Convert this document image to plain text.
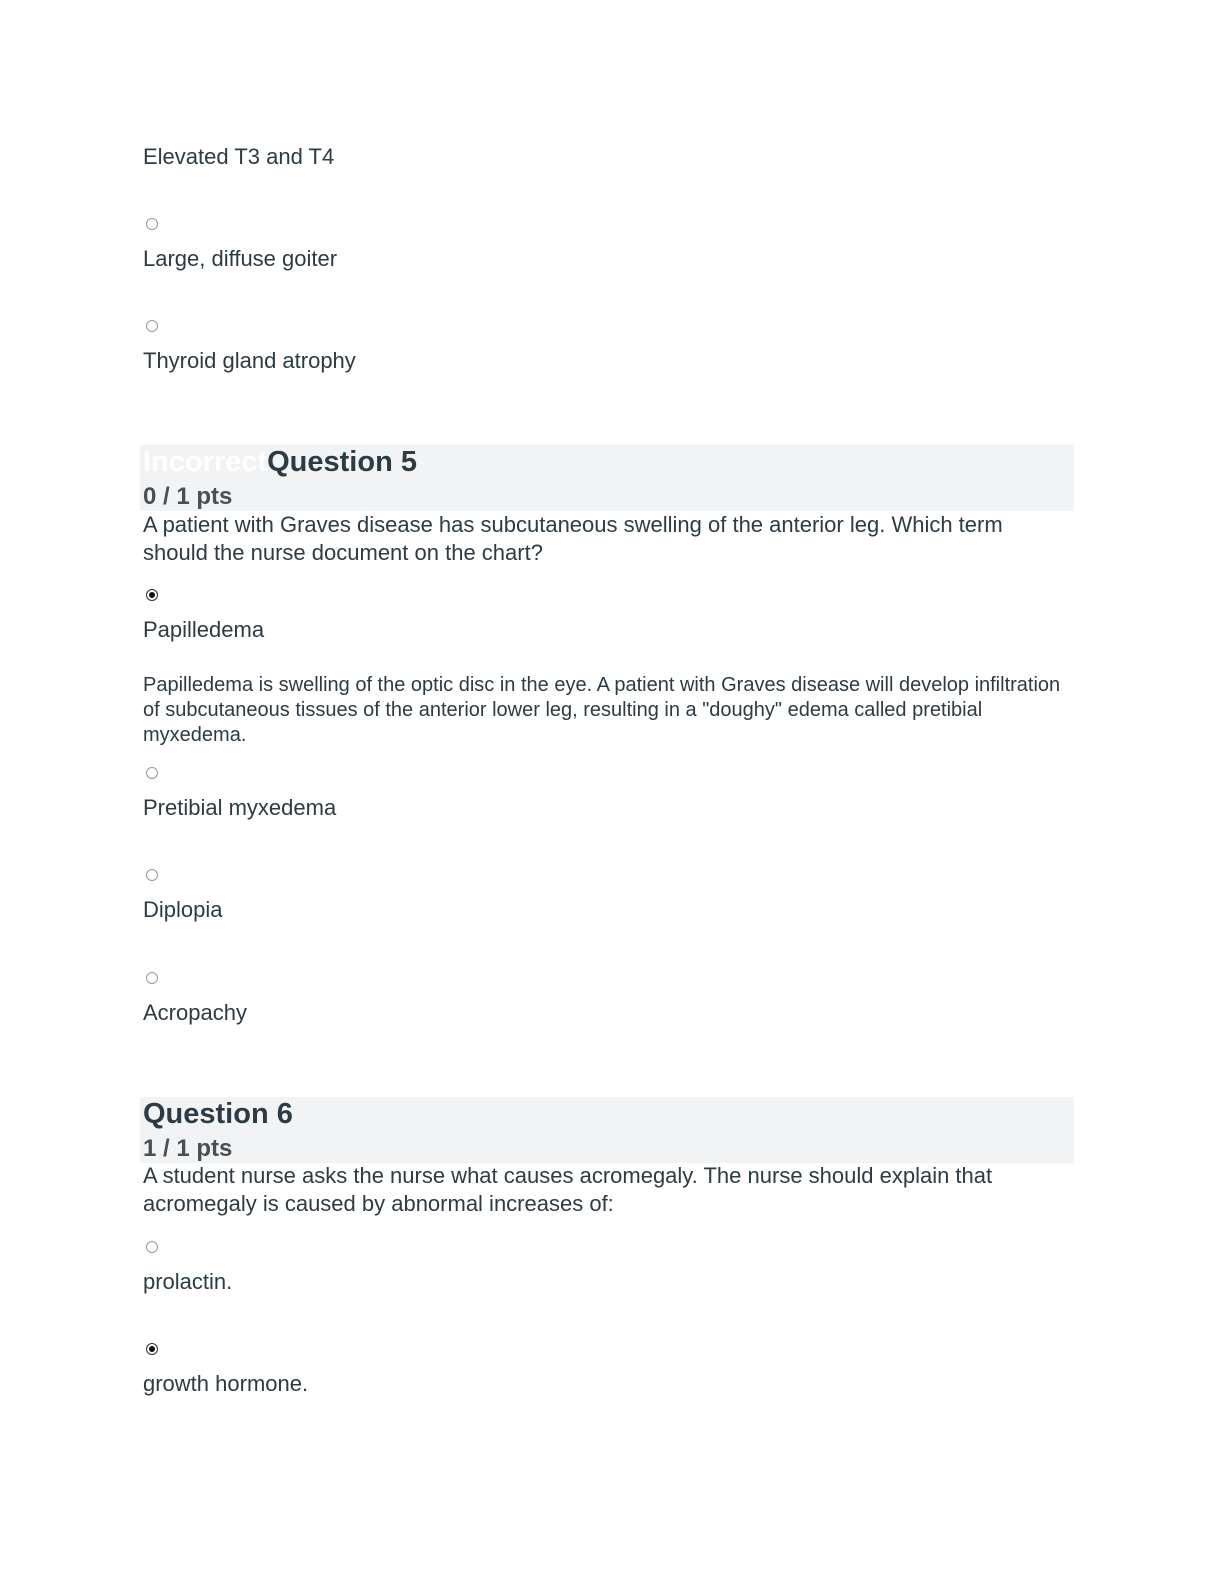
Elevated T3 and T4
Large, diffuse goiter
Thyroid gland atrophy
Incorrect Question 5
0 / 1 pts
A patient with Graves disease has subcutaneous swelling of the anterior leg. Which term should the nurse document on the chart?
Papilledema
Papilledema is swelling of the optic disc in the eye. A patient with Graves disease will develop infiltration of subcutaneous tissues of the anterior lower leg, resulting in a "doughy" edema called pretibial myxedema.
Pretibial myxedema
Diplopia
Acropachy
Question 6
1 / 1 pts
A student nurse asks the nurse what causes acromegaly. The nurse should explain that acromegaly is caused by abnormal increases of:
prolactin.
growth hormone.
